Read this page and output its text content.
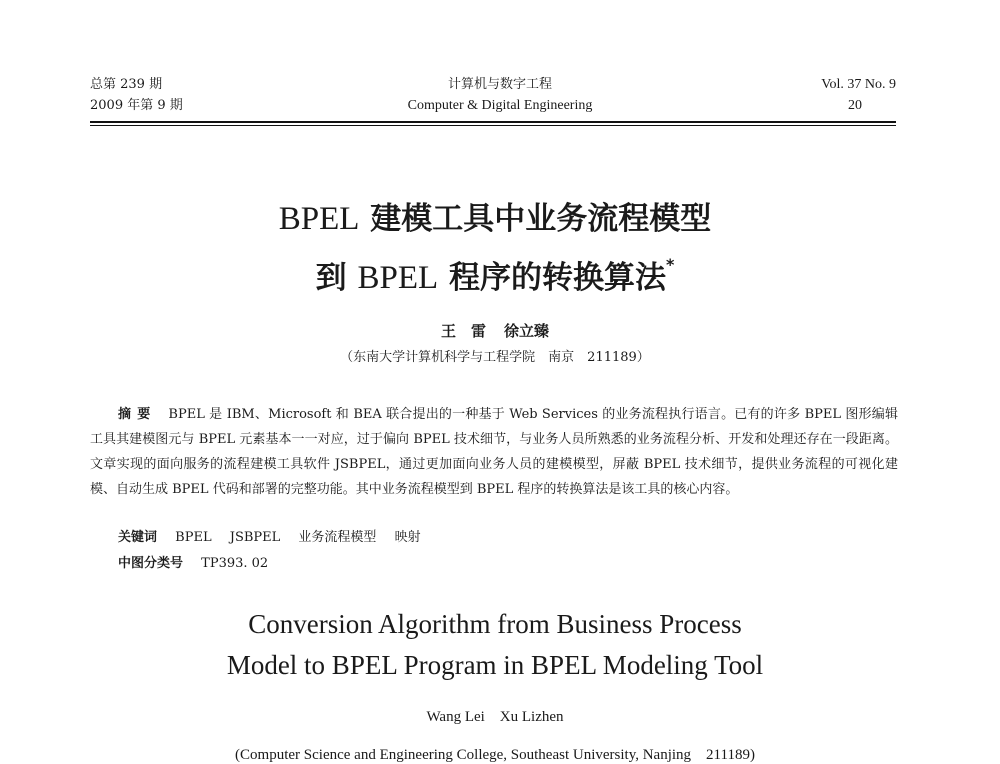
总第 239 期
2009 年第 9 期
计算机与数字工程
Computer & Digital Engineering
Vol. 37 No. 9
20
BPEL 建模工具中业务流程模型
到 BPEL 程序的转换算法*
王　雷 徐立臻
（东南大学计算机科学与工程学院　南京　211189）
摘要 BPEL 是 IBM、Microsoft 和 BEA 联合提出的一种基于 Web Services 的业务流程执行语言。已有的许多 BPEL 图形编辑工具其建模图元与 BPEL 元素基本一一对应，过于偏向 BPEL 技术细节，与业务人员所熟悉的业务流程分析、开发和处理还存在一段距离。文章实现的面向服务的流程建模工具软件 JSBPEL，通过更加面向业务人员的建模模型，屏蔽 BPEL 技术细节，提供业务流程的可视化建模、自动生成 BPEL 代码和部署的完整功能。其中业务流程模型到 BPEL 程序的转换算法是该工具的核心内容。
关键词 BPEL JSBPEL 业务流程模型 映射
中图分类号 TP393. 02
Conversion Algorithm from Business Process
Model to BPEL Program in BPEL Modeling Tool
Wang Lei　Xu Lizhen
(Computer Science and Engineering College, Southeast University, Nanjing　211189)
